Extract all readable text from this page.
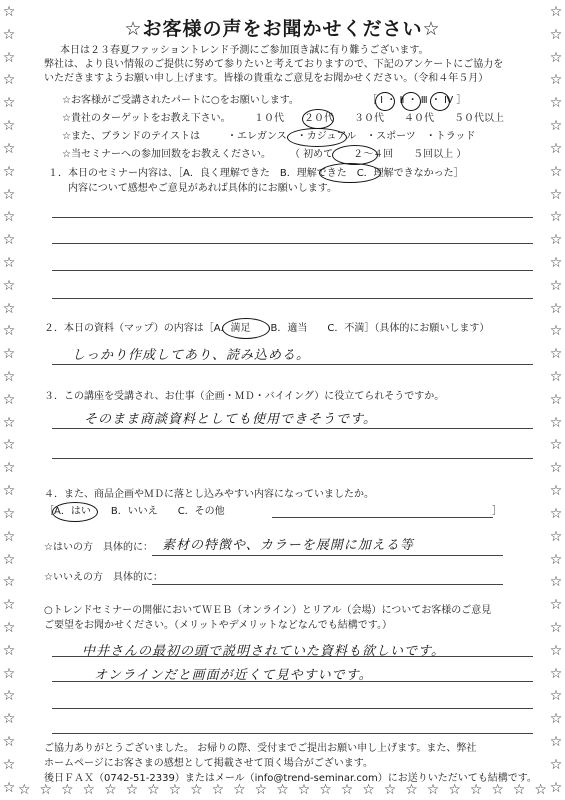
☆
☆
☆
☆
☆
☆
☆
☆
☆
☆
☆
☆
☆
☆
☆
☆
☆
☆
☆
☆
☆
☆
☆
☆
☆
☆
☆
☆
☆
☆
☆
☆
☆
☆
☆
☆
☆
☆
☆
☆
☆
☆
☆
☆
☆
☆
☆
☆
☆
☆
☆
☆
☆
☆
☆
☆
☆
☆
☆
☆
☆
☆
☆
☆
☆
☆
☆
☆
☆
☆
☆ ☆ ☆ ☆ ☆ ☆ ☆ ☆ ☆ ☆ ☆ ☆ ☆ ☆ ☆ ☆ ☆ ☆ ☆ ☆ ☆ ☆ ☆ ☆ ☆
☆お客様の声をお聞かせください☆
本日は２３春夏ファッショントレンド予測にご参加頂き誠に有り難うございます。
弊社は、より良い情報のご提供に努めて参りたいと考えておりますので、下記のアンケートにご協力を
いただきますようお願い申し上げます。皆様の貴重なご意見をお聞かせください。（令和４年５月）
☆お客様がご受講されたパートに○をお願いします。	［ Ⅰ ・ Ⅱ ・ Ⅲ ・ Ⅳ ］
☆貴社のターゲットをお教え下さい。 １０代　　２０代　　３０代　　４０代　　５０代以上
☆また、ブランドのテイストは	・エレガンス　・カジュアル　・スポーツ　・トラッド
☆当セミナーへの参加回数をお教えください。 （ 初めて　　２～４回　　５回以上 ）
１．本日のセミナー内容は、［A．良く理解できた　B．理解できた　C．理解できなかった］
内容について感想やご意見があれば具体的にお願いします。
２．本日の資料（マップ）の内容は［A．満足　　B．適当　　C．不満］（具体的にお願いします）
しっかり作成してあり、読み込める。
３．この講座を受講され、お仕事（企画・ＭＤ・バイイング）に役立てられそうですか。
そのまま商談資料としても使用できそうです。
４．また、商品企画やＭＤに落とし込みやすい内容になっていましたか。
［A．はい　　B．いいえ　　C．その他	］
☆はいの方　具体的に： 素材の特徴や、カラーを展開に加える等
☆いいえの方　具体的に：
○トレンドセミナーの開催においてＷＥＢ（オンライン）とリアル（会場）についてお客様のご意見
ご要望をお聞かせください。（メリットやデメリットなどなんでも結構です。）
中井さんの最初の頭で説明されていた資料も欲しいです。
オンラインだと画面が近くて見やすいです。
ご協力ありがとうございました。 お帰りの際、受付までご提出お願い申し上げます。また、弊社
ホームページにお客さまの感想として掲載させて頂く場合がございます。
後日ＦＡＸ（0742-51-2339）またはメール（info@trend-seminar.com）にお送りいただいても結構です。
